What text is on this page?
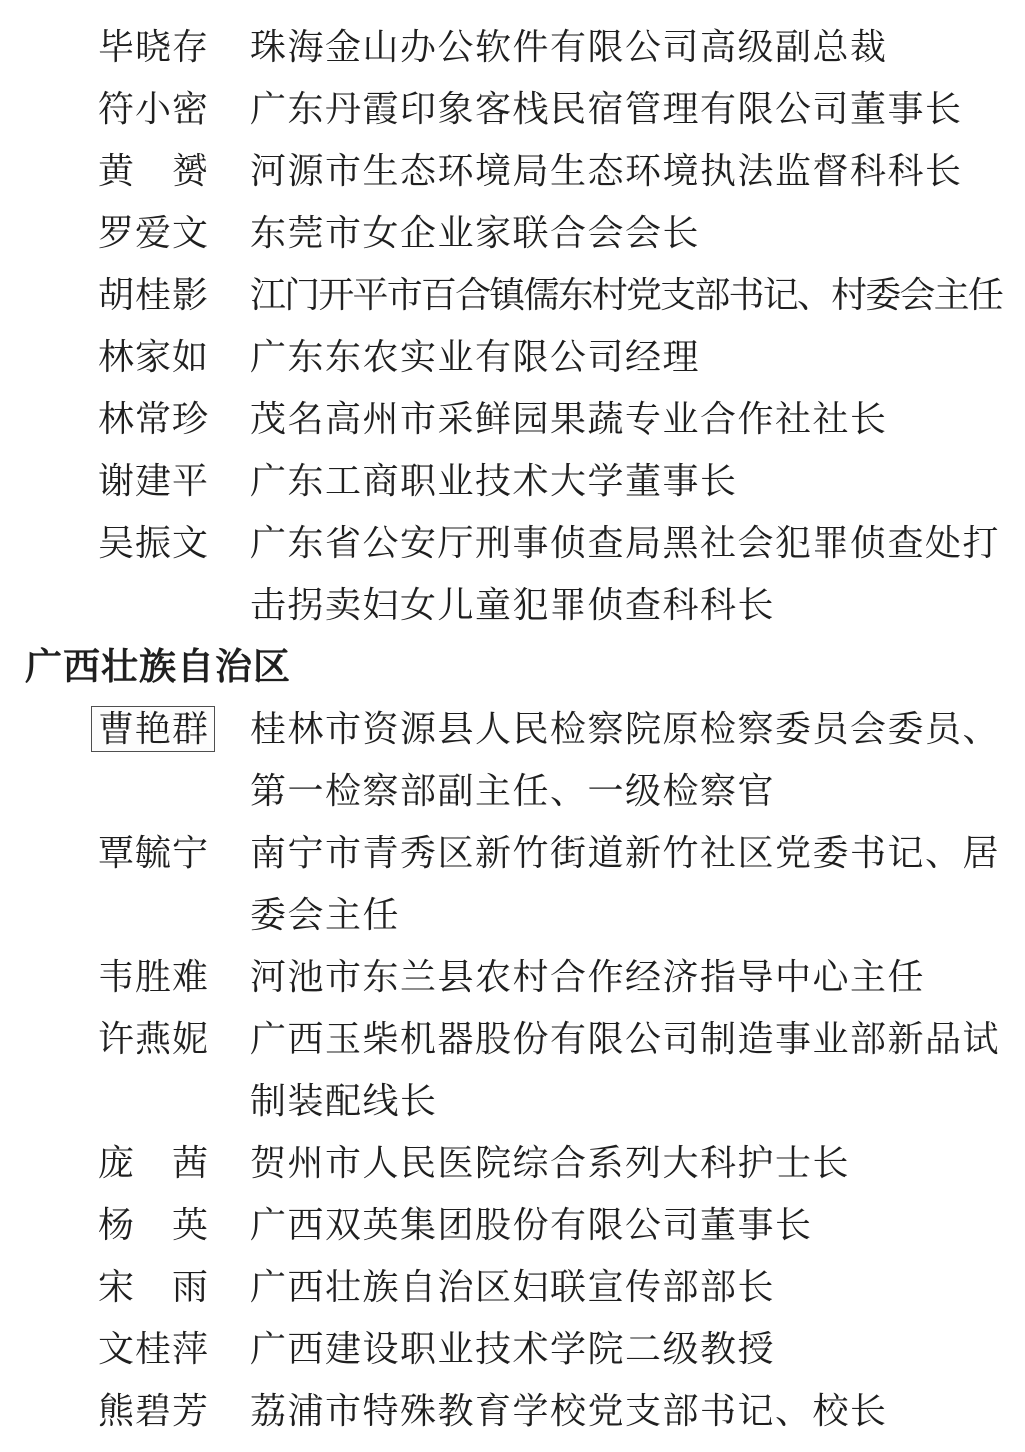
毕晓存 珠海金山办公软件有限公司高级副总裁
符小密 广东丹霞印象客栈民宿管理有限公司董事长
黄　赟 河源市生态环境局生态环境执法监督科科长
罗爱文 东莞市女企业家联合会会长
胡桂影 江门开平市百合镇儒东村党支部书记、村委会主任
林家如 广东东农实业有限公司经理
林常珍 茂名高州市采鲜园果蔬专业合作社社长
谢建平 广东工商职业技术大学董事长
吴振文 广东省公安厅刑事侦查局黑社会犯罪侦查处打
击拐卖妇女儿童犯罪侦查科科长
广西壮族自治区
曹艳群 桂林市资源县人民检察院原检察委员会委员、
第一检察部副主任、一级检察官
覃毓宁 南宁市青秀区新竹街道新竹社区党委书记、居
委会主任
韦胜难 河池市东兰县农村合作经济指导中心主任
许燕妮 广西玉柴机器股份有限公司制造事业部新品试
制装配线长
庞　茜 贺州市人民医院综合系列大科护士长
杨　英 广西双英集团股份有限公司董事长
宋　雨 广西壮族自治区妇联宣传部部长
文桂萍 广西建设职业技术学院二级教授
熊碧芳 荔浦市特殊教育学校党支部书记、校长
